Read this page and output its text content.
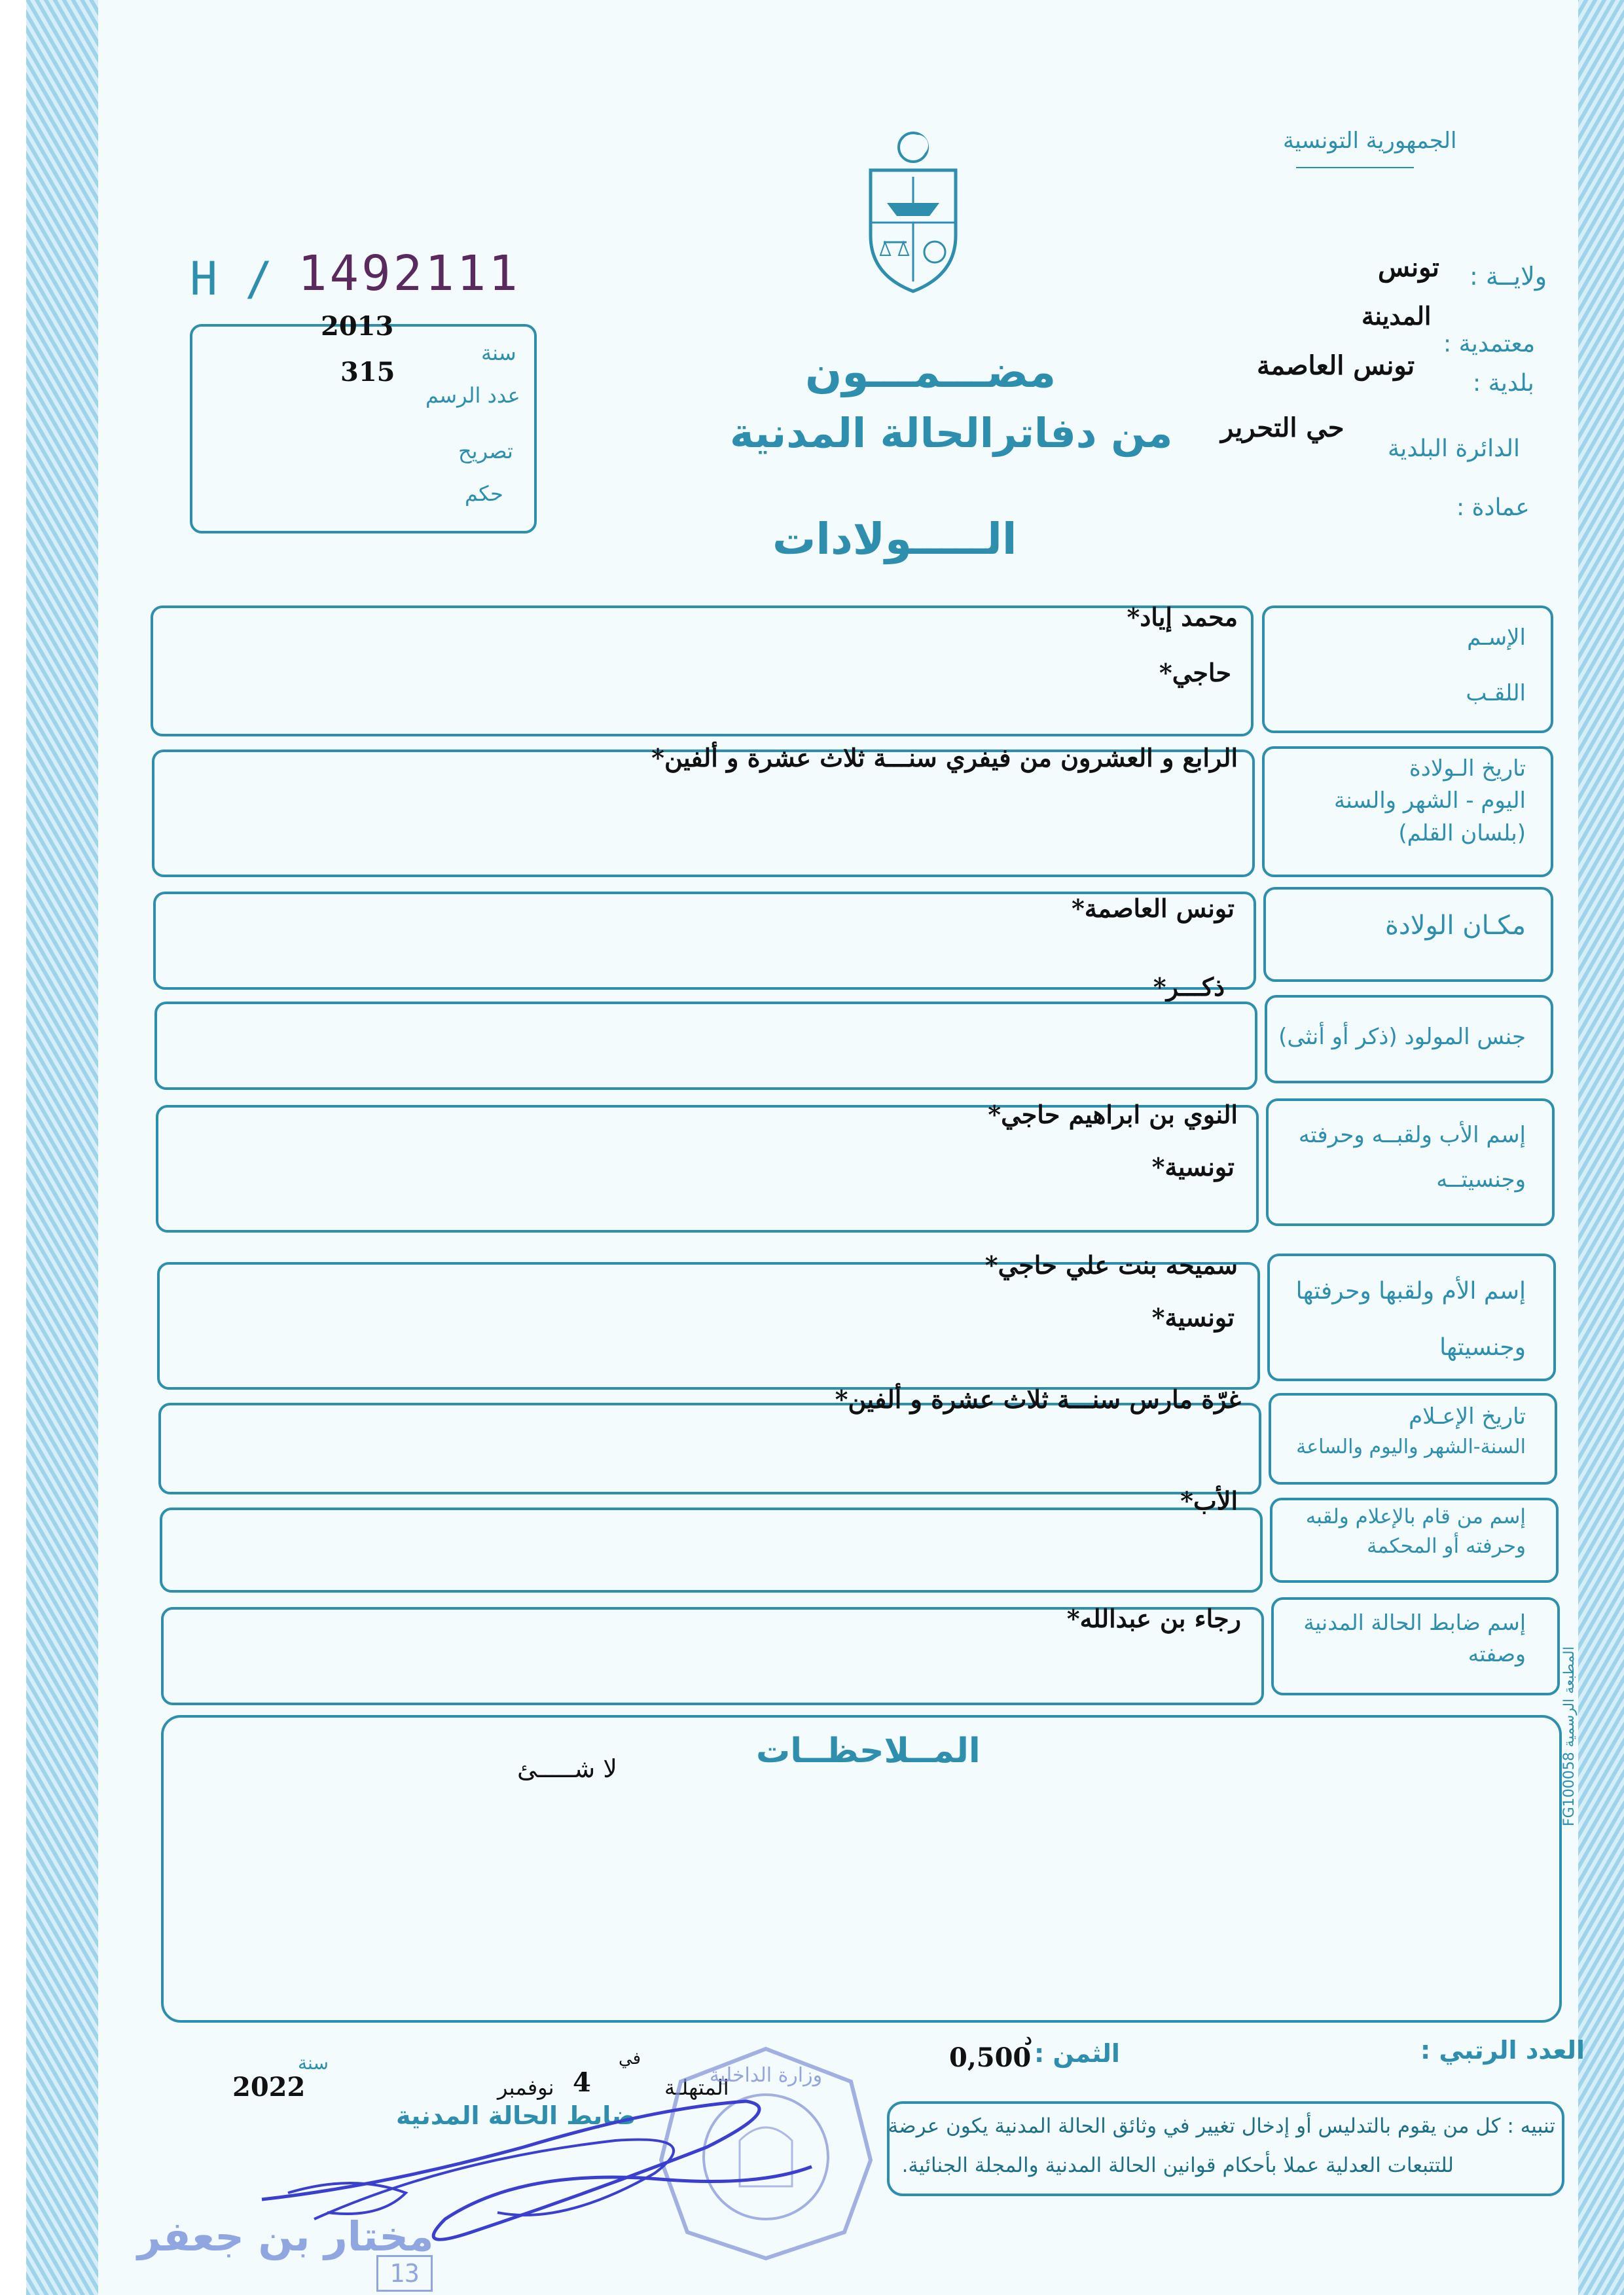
الجمهورية التونسية
H / 1492111
2013
سنة
315
عدد الرسم
تصريح
حكم
مضـــمـــون
من دفاترالحالة المدنية
الـــــولادات
ولايــة :
تونس
المدينة
معتمدية :
تونس العاصمة
بلدية :
حي التحرير
الدائرة البلدية
عمادة :
الإسـم
اللقـب
محمد إياد*
حاجي*
تاريخ الـولادة
اليوم - الشهر والسنة
(بلسان القلم)
الرابع و العشرون من فيفري سنـــة ثلاث عشرة و ألفين*
مكـان الولادة
تونس العاصمة*
ذكـــر*
جنس المولود (ذكر أو أنثى)
إسم الأب ولقبــه وحرفته
وجنسيتــه
النوي بن ابراهيم حاجي*
تونسية*
إسم الأم ولقبها وحرفتها
وجنسيتها
سميحه بنت علي حاجي*
تونسية*
تاريخ الإعـلام
السنة-الشهر واليوم والساعة
غرّة مارس سنـــة ثلاث عشرة و ألفين*
إسم من قام بالإعلام ولقبه
وحرفته أو المحكمة
الأب*
إسم ضابط الحالة المدنية
وصفته
رجاء بن عبدالله*
المــلاحظــات
لا شـــــئ	المطبعة الرسمية FG100058
العدد الرتبي :
الثمن :
0,500
د
المتهلـة
في
4
نوفمبر
سنة
2022
ضابط الحالة المدنية	تنبيه : كل من يقوم بالتدليس أو إدخال تغيير في وثائق الحالة المدنية يكون عرضة
للتتبعات العدلية عملا بأحكام قوانين الحالة المدنية والمجلة الجنائية.
وزارة الداخلية
مختار بن جعفر
13
